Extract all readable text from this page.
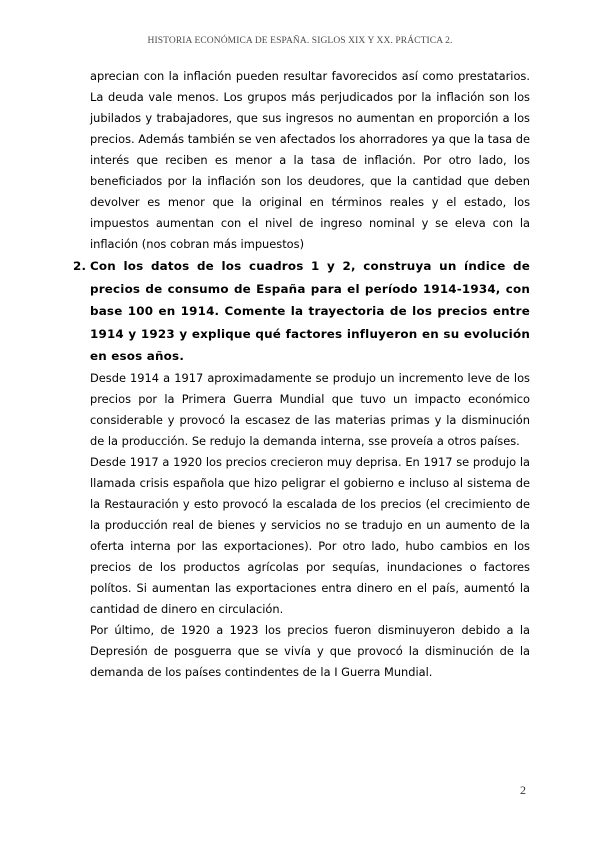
HISTORIA ECONÓMICA DE ESPAÑA. SIGLOS XIX Y XX. PRÁCTICA 2.

aprecian con la inflación pueden resultar favorecidos así como prestatarios. La deuda vale menos. Los grupos más perjudicados por la inflación son los jubilados y trabajadores, que sus ingresos no aumentan en proporción a los precios. Además también se ven afectados los ahorradores ya que la tasa de interés que reciben es menor a la tasa de inflación. Por otro lado, los beneficiados por la inflación son los deudores, que la cantidad que deben devolver es menor que la original en términos reales y el estado, los impuestos aumentan con el nivel de ingreso nominal y se eleva con la inflación (nos cobran más impuestos)

2. Con los datos de los cuadros 1 y 2, construya un índice de precios de consumo de España para el período 1914-1934, con base 100 en 1914. Comente la trayectoria de los precios entre 1914 y 1923 y explique qué factores influyeron en su evolución en esos años.

Desde 1914 a 1917 aproximadamente se produjo un incremento leve de los precios por la Primera Guerra Mundial que tuvo un impacto económico considerable y provocó la escasez de las materias primas y la disminución de la producción. Se redujo la demanda interna, sse proveía a otros países.

Desde 1917 a 1920 los precios crecieron muy deprisa. En 1917 se produjo la llamada crisis española que hizo peligrar el gobierno e incluso al sistema de la Restauración y esto provocó la escalada de los precios (el crecimiento de la producción real de bienes y servicios no se tradujo en un aumento de la oferta interna por las exportaciones). Por otro lado, hubo cambios en los precios de los productos agrícolas por sequías, inundaciones o factores polítos. Si aumentan las exportaciones entra dinero en el país, aumentó la cantidad de dinero en circulación.

Por último, de 1920 a 1923 los precios fueron disminuyeron debido a la Depresión de posguerra que se vivía y que provocó la disminución de la demanda de los países contindentes de la I Guerra Mundial.

2
